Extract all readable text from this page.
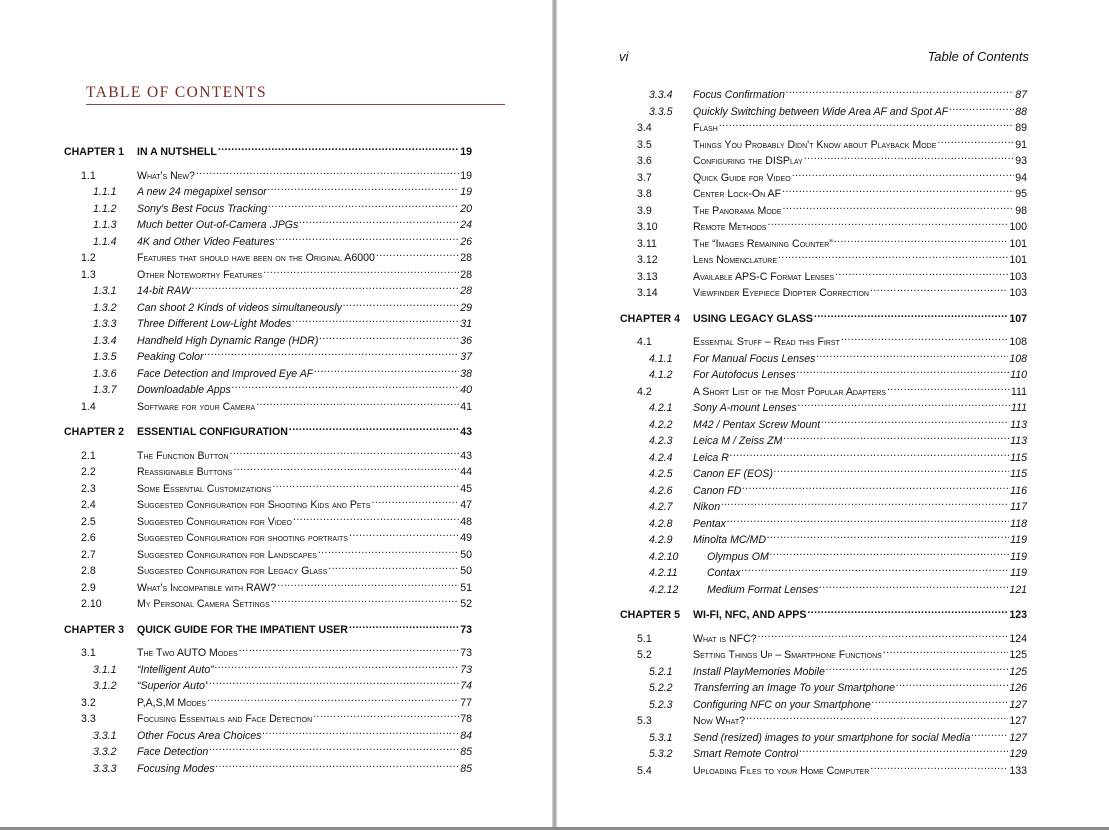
TABLE OF CONTENTS
CHAPTER 1	IN A NUTSHELL .....	19
1.1	What's New? .....	19
1.1.1	A new 24 megapixel sensor .....	19
1.1.2	Sony's Best Focus Tracking .....	20
1.1.3	Much better Out-of-Camera .JPGs .....	24
1.1.4	4K and Other Video Features .....	26
1.2	Features that should have been on the Original A6000 .....	28
1.3	Other Noteworthy Features .....	28
1.3.1	14-bit RAW .....	28
1.3.2	Can shoot 2 Kinds of videos simultaneously .....	29
1.3.3	Three Different Low-Light Modes .....	31
1.3.4	Handheld High Dynamic Range (HDR) .....	36
1.3.5	Peaking Color .....	37
1.3.6	Face Detection and Improved Eye AF .....	38
1.3.7	Downloadable Apps .....	40
1.4	Software for your Camera .....	41
CHAPTER 2	ESSENTIAL CONFIGURATION .....	43
2.1	The Function Button .....	43
2.2	Reassignable Buttons .....	44
2.3	Some Essential Customizations .....	45
2.4	Suggested Configuration for Shooting Kids and Pets .....	47
2.5	Suggested Configuration for Video .....	48
2.6	Suggested Configuration for shooting portraits .....	49
2.7	Suggested Configuration for Landscapes .....	50
2.8	Suggested Configuration for Legacy Glass .....	50
2.9	What's Incompatible with RAW? .....	51
2.10	My Personal Camera Settings .....	52
CHAPTER 3	QUICK GUIDE FOR THE IMPATIENT USER .....	73
3.1	The Two AUTO Modes .....	73
3.1.1	“Intelligent Auto” .....	73
3.1.2	“Superior Auto” .....	74
3.2	P,A,S,M Modes .....	77
3.3	Focusing Essentials and Face Detection .....	78
3.3.1	Other Focus Area Choices .....	84
3.3.2	Face Detection .....	85
3.3.3	Focusing Modes .....	85
vi	Table of Contents
3.3.4	Focus Confirmation .....	87
3.3.5	Quickly Switching between Wide Area AF and Spot AF .....	88
3.4	Flash .....	89
3.5	Things You Probably Didn't Know about Playback Mode .....	91
3.6	Configuring the DISPlay .....	93
3.7	Quick Guide for Video .....	94
3.8	Center Lock-On AF .....	95
3.9	The Panorama Mode .....	98
3.10	Remote Methods .....	100
3.11	The “Images Remaining Counter” .....	101
3.12	Lens Nomenclature .....	101
3.13	Available APS-C Format Lenses .....	103
3.14	Viewfinder Eyepiece Diopter Correction .....	103
CHAPTER 4	USING LEGACY GLASS .....	107
4.1	Essential Stuff – Read this First .....	108
4.1.1	For Manual Focus Lenses .....	108
4.1.2	For Autofocus Lenses .....	110
4.2	A Short List of the Most Popular Adapters .....	111
4.2.1	Sony A-mount Lenses .....	111
4.2.2	M42 / Pentax Screw Mount .....	113
4.2.3	Leica M / Zeiss ZM .....	113
4.2.4	Leica R .....	115
4.2.5	Canon EF (EOS) .....	115
4.2.6	Canon FD .....	116
4.2.7	Nikon .....	117
4.2.8	Pentax .....	118
4.2.9	Minolta MC/MD .....	119
4.2.10	Olympus OM .....	119
4.2.11	Contax .....	119
4.2.12	Medium Format Lenses .....	121
CHAPTER 5	WI-FI, NFC, AND APPS .....	123
5.1	What is NFC? .....	124
5.2	Setting Things Up – Smartphone Functions .....	125
5.2.1	Install PlayMemories Mobile .....	125
5.2.2	Transferring an Image To your Smartphone .....	126
5.2.3	Configuring NFC on your Smartphone .....	127
5.3	Now What? .....	127
5.3.1	Send (resized) images to your smartphone for social Media .....	127
5.3.2	Smart Remote Control .....	129
5.4	Uploading Files to your Home Computer .....	133
